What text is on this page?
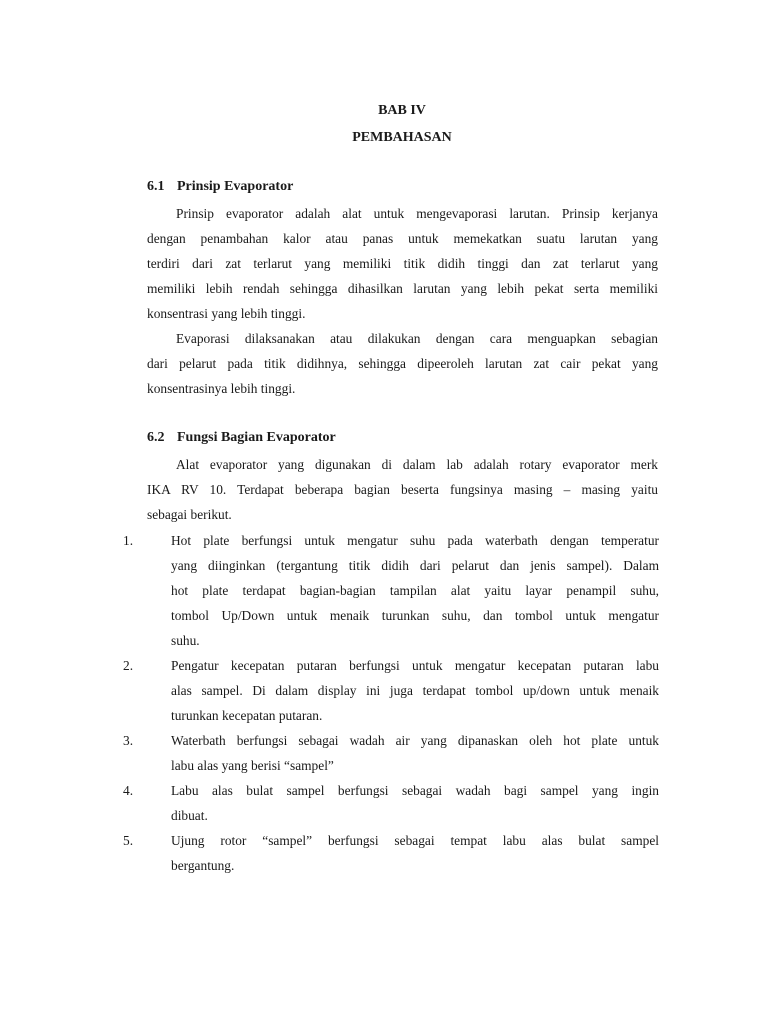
BAB IV
PEMBAHASAN
6.1 Prinsip Evaporator
Prinsip evaporator adalah alat untuk mengevaporasi larutan. Prinsip kerjanya
dengan penambahan kalor atau panas untuk memekatkan suatu larutan yang
terdiri dari zat terlarut yang memiliki titik didih tinggi dan zat terlarut yang
memiliki lebih rendah sehingga dihasilkan larutan yang lebih pekat serta memiliki
konsentrasi yang lebih tinggi.
Evaporasi dilaksanakan atau dilakukan dengan cara menguapkan sebagian
dari pelarut pada titik didihnya, sehingga dipeeroleh larutan zat cair pekat yang
konsentrasinya lebih tinggi.
6.2 Fungsi Bagian Evaporator
Alat evaporator yang digunakan di dalam lab adalah rotary evaporator merk
IKA RV 10. Terdapat beberapa bagian beserta fungsinya masing – masing yaitu
sebagai berikut.
1.	Hot plate berfungsi untuk mengatur suhu pada waterbath dengan temperatur
yang diinginkan (tergantung titik didih dari pelarut dan jenis sampel). Dalam
hot plate terdapat bagian-bagian tampilan alat yaitu layar penampil suhu,
tombol Up/Down untuk menaik turunkan suhu, dan tombol untuk mengatur
suhu.
2.	Pengatur kecepatan putaran berfungsi untuk mengatur kecepatan putaran labu
alas sampel. Di dalam display ini juga terdapat tombol up/down untuk menaik
turunkan kecepatan putaran.
3.	Waterbath berfungsi sebagai wadah air yang dipanaskan oleh hot plate untuk
labu alas yang berisi “sampel”
4.	Labu alas bulat sampel berfungsi sebagai wadah bagi sampel yang ingin
dibuat.
5.	Ujung rotor “sampel” berfungsi sebagai tempat labu alas bulat sampel
bergantung.
